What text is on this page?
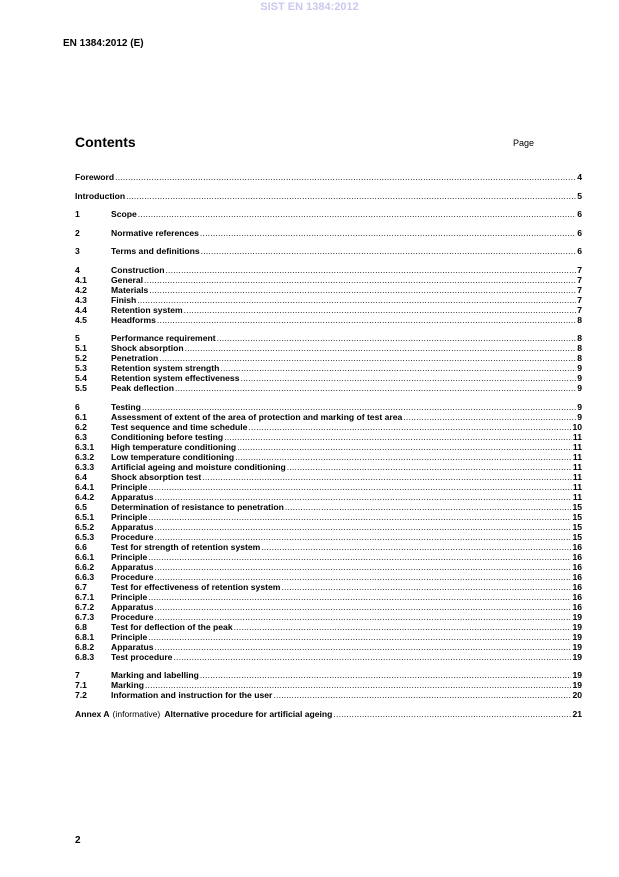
SIST EN 1384:2012
EN 1384:2012 (E)
Contents	Page
Foreword .....	4
Introduction .....	5
1	Scope .....	6
2	Normative references .....	6
3	Terms and definitions .....	6
4	Construction .....	7
4.1	General .....	7
4.2	Materials .....	7
4.3	Finish .....	7
4.4	Retention system .....	7
4.5	Headforms .....	8
5	Performance requirement .....	8
5.1	Shock absorption .....	8
5.2	Penetration .....	8
5.3	Retention system strength .....	9
5.4	Retention system effectiveness .....	9
5.5	Peak deflection .....	9
6	Testing .....	9
6.1	Assessment of extent of the area of protection and marking of test area .....	9
6.2	Test sequence and time schedule .....	10
6.3	Conditioning before testing .....	11
6.3.1	High temperature conditioning .....	11
6.3.2	Low temperature conditioning .....	11
6.3.3	Artificial ageing and moisture conditioning .....	11
6.4	Shock absorption test .....	11
6.4.1	Principle .....	11
6.4.2	Apparatus .....	11
6.5	Determination of resistance to penetration .....	15
6.5.1	Principle .....	15
6.5.2	Apparatus .....	15
6.5.3	Procedure .....	15
6.6	Test for strength of retention system .....	16
6.6.1	Principle .....	16
6.6.2	Apparatus .....	16
6.6.3	Procedure .....	16
6.7	Test for effectiveness of retention system .....	16
6.7.1	Principle .....	16
6.7.2	Apparatus .....	16
6.7.3	Procedure .....	19
6.8	Test for deflection of the peak .....	19
6.8.1	Principle .....	19
6.8.2	Apparatus .....	19
6.8.3	Test procedure .....	19
7	Marking and labelling .....	19
7.1	Marking .....	19
7.2	Information and instruction for the user .....	20
Annex A (informative) Alternative procedure for artificial ageing .....	21
2
